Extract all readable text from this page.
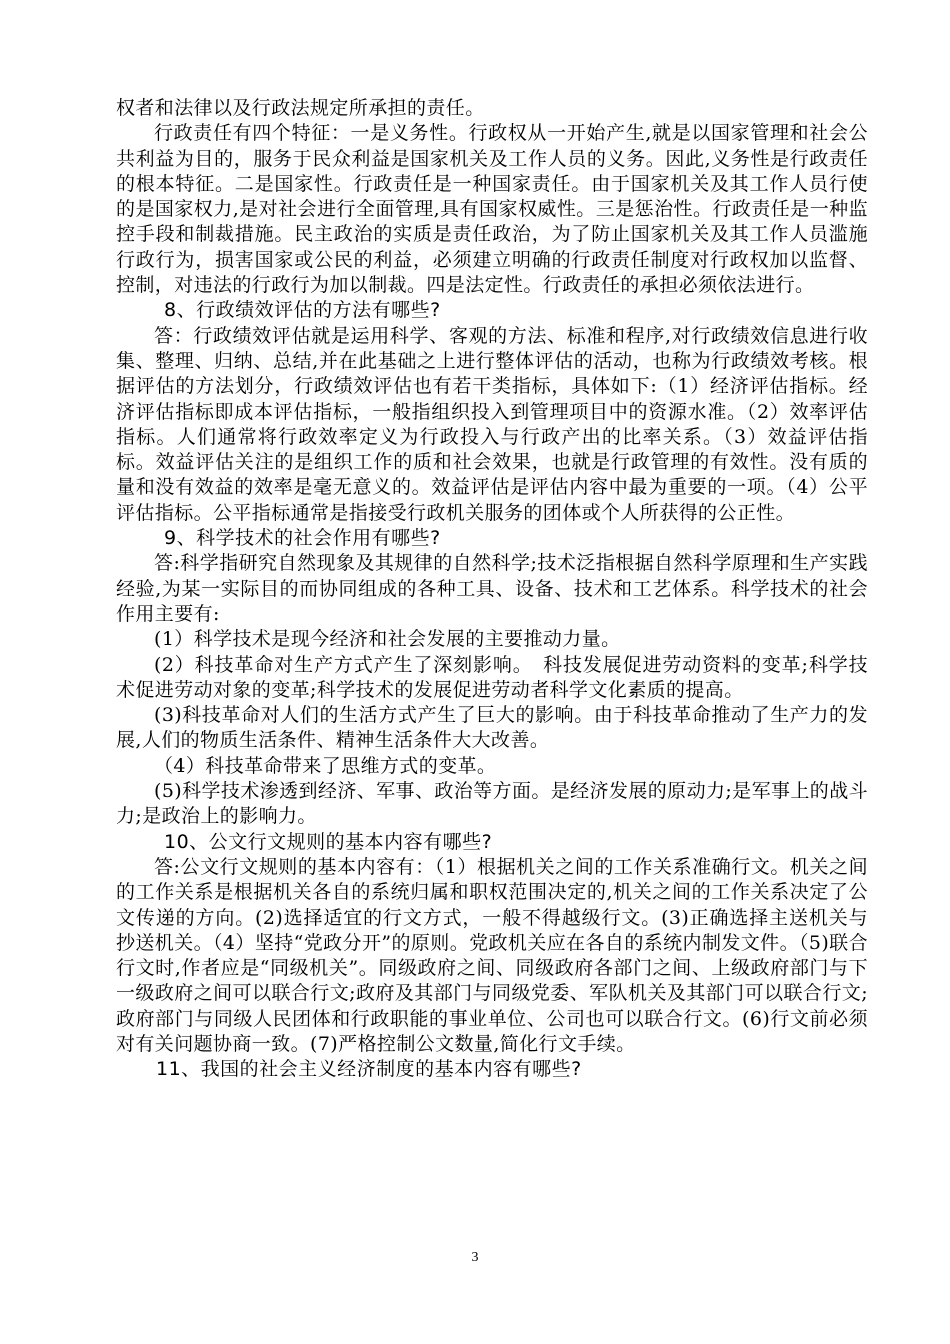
权者和法律以及行政法规定所承担的责任。

行政责任有四个特征：一是义务性。行政权从一开始产生,就是以国家管理和社会公共利益为目的，服务于民众利益是国家机关及工作人员的义务。因此,义务性是行政责任的根本特征。二是国家性。行政责任是一种国家责任。由于国家机关及其工作人员行使的是国家权力,是对社会进行全面管理,具有国家权威性。三是惩治性。行政责任是一种监控手段和制裁措施。民主政治的实质是责任政治，为了防止国家机关及其工作人员滥施行政行为，损害国家或公民的利益，必须建立明确的行政责任制度对行政权加以监督、控制，对违法的行政行为加以制裁。四是法定性。行政责任的承担必须依法进行。

8、行政绩效评估的方法有哪些?

答：行政绩效评估就是运用科学、客观的方法、标准和程序,对行政绩效信息进行收集、整理、归纳、总结,并在此基础之上进行整体评估的活动，也称为行政绩效考核。根据评估的方法划分，行政绩效评估也有若干类指标，具体如下:（1）经济评估指标。经济评估指标即成本评估指标，一般指组织投入到管理项目中的资源水准。（2）效率评估指标。人们通常将行政效率定义为行政投入与行政产出的比率关系。（3）效益评估指标。效益评估关注的是组织工作的质和社会效果，也就是行政管理的有效性。没有质的量和没有效益的效率是毫无意义的。效益评估是评估内容中最为重要的一项。（4）公平评估指标。公平指标通常是指接受行政机关服务的团体或个人所获得的公正性。

9、科学技术的社会作用有哪些?

答:科学指研究自然现象及其规律的自然科学;技术泛指根据自然科学原理和生产实践经验,为某一实际目的而协同组成的各种工具、设备、技术和工艺体系。科学技术的社会作用主要有:

(1）科学技术是现今经济和社会发展的主要推动力量。

(2）科技革命对生产方式产生了深刻影响。　科技发展促进劳动资料的变革;科学技术促进劳动对象的变革;科学技术的发展促进劳动者科学文化素质的提高。

(3)科技革命对人们的生活方式产生了巨大的影响。由于科技革命推动了生产力的发展,人们的物质生活条件、精神生活条件大大改善。

（4）科技革命带来了思维方式的变革。

(5)科学技术渗透到经济、军事、政治等方面。是经济发展的原动力;是军事上的战斗力;是政治上的影响力。

10、公文行文规则的基本内容有哪些?

答:公文行文规则的基本内容有：（1）根据机关之间的工作关系准确行文。机关之间的工作关系是根据机关各自的系统归属和职权范围决定的,机关之间的工作关系决定了公文传递的方向。(2)选择适宜的行文方式，一般不得越级行文。(3)正确选择主送机关与抄送机关。（4）坚持“党政分开”的原则。党政机关应在各自的系统内制发文件。（5)联合行文时,作者应是“同级机关”。同级政府之间、同级政府各部门之间、上级政府部门与下一级政府之间可以联合行文;政府及其部门与同级党委、军队机关及其部门可以联合行文;政府部门与同级人民团体和行政职能的事业单位、公司也可以联合行文。(6)行文前必须对有关问题协商一致。(7)严格控制公文数量,简化行文手续。

11、我国的社会主义经济制度的基本内容有哪些?

3
